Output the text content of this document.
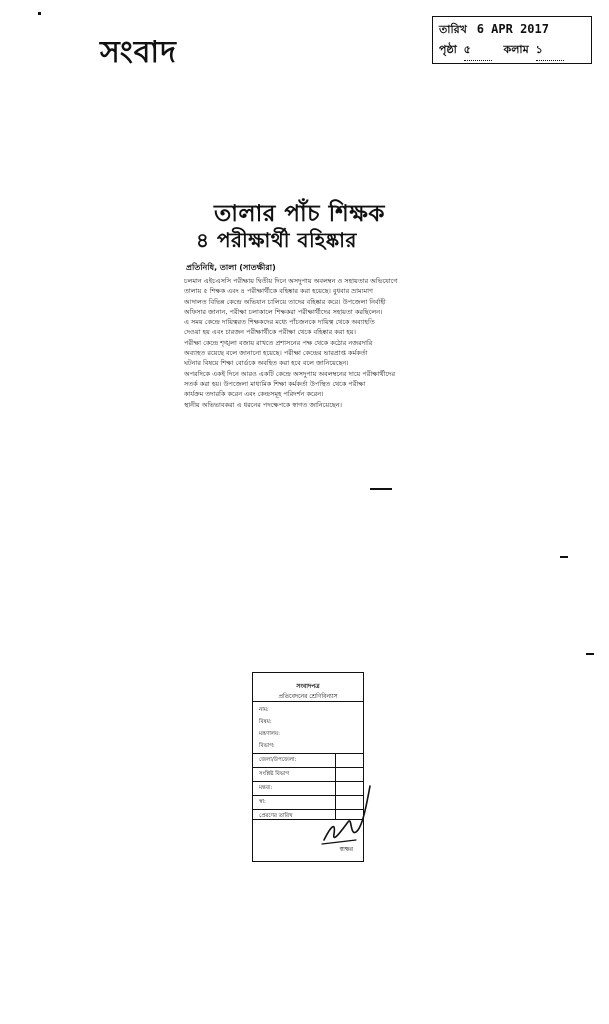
সংবাদ
তারিখ 6 APR 2017
পৃষ্ঠা ৫	কলাম ১
তালার পাঁচ শিক্ষক
৪ পরীক্ষার্থী বহিষ্কার
প্রতিনিধি, তালা (সাতক্ষীরা)
চলমান এইচএসসি পরীক্ষায় দ্বিতীয় দিনে অসদুপায় অবলম্বন ও সহায়তার অভিযোগে
তালায় ৫ শিক্ষক এবং ৪ পরীক্ষার্থীকে বহিষ্কার করা হয়েছে। বুধবার ভ্রাম্যমাণ
আদালত বিভিন্ন কেন্দ্রে অভিযান চালিয়ে তাদের বহিষ্কার করে। উপজেলা নির্বাহী
অফিসার জানান, পরীক্ষা চলাকালে শিক্ষকরা পরীক্ষার্থীদের সহায়তা করছিলেন।
এ সময় কেন্দ্রে দায়িত্বরত শিক্ষকদের মধ্যে পাঁচজনকে দায়িত্ব থেকে অব্যাহতি
দেওয়া হয় এবং চারজন পরীক্ষার্থীকে পরীক্ষা থেকে বহিষ্কার করা হয়।
পরীক্ষা কেন্দ্রে শৃঙ্খলা বজায় রাখতে প্রশাসনের পক্ষ থেকে কঠোর নজরদারি
অব্যাহত রয়েছে বলে জানানো হয়েছে। পরীক্ষা কেন্দ্রের ভারপ্রাপ্ত কর্মকর্তা
ঘটনার বিষয়ে শিক্ষা বোর্ডকে অবহিত করা হবে বলে জানিয়েছেন।
অপরদিকে একই দিনে আরও একটি কেন্দ্রে অসদুপায় অবলম্বনের দায়ে পরীক্ষার্থীদের
সতর্ক করা হয়। উপজেলা মাধ্যমিক শিক্ষা কর্মকর্তা উপস্থিত থেকে পরীক্ষা
কার্যক্রম তদারকি করেন এবং কেন্দ্রসমূহ পরিদর্শন করেন।
স্থানীয় অভিভাবকরা এ ধরনের পদক্ষেপকে স্বাগত জানিয়েছেন।
সংবাদপত্র
প্রতিবেদনের শ্রেণিবিন্যাস
নাম:
বিষয়:
মন্ত্রণালয়:
বিভাগ:
জেলা/উপজেলা:
সংশ্লিষ্ট বিভাগ
মন্তব্য:
স্বা:
প্রেরণের তারিখ
স্বাক্ষর
